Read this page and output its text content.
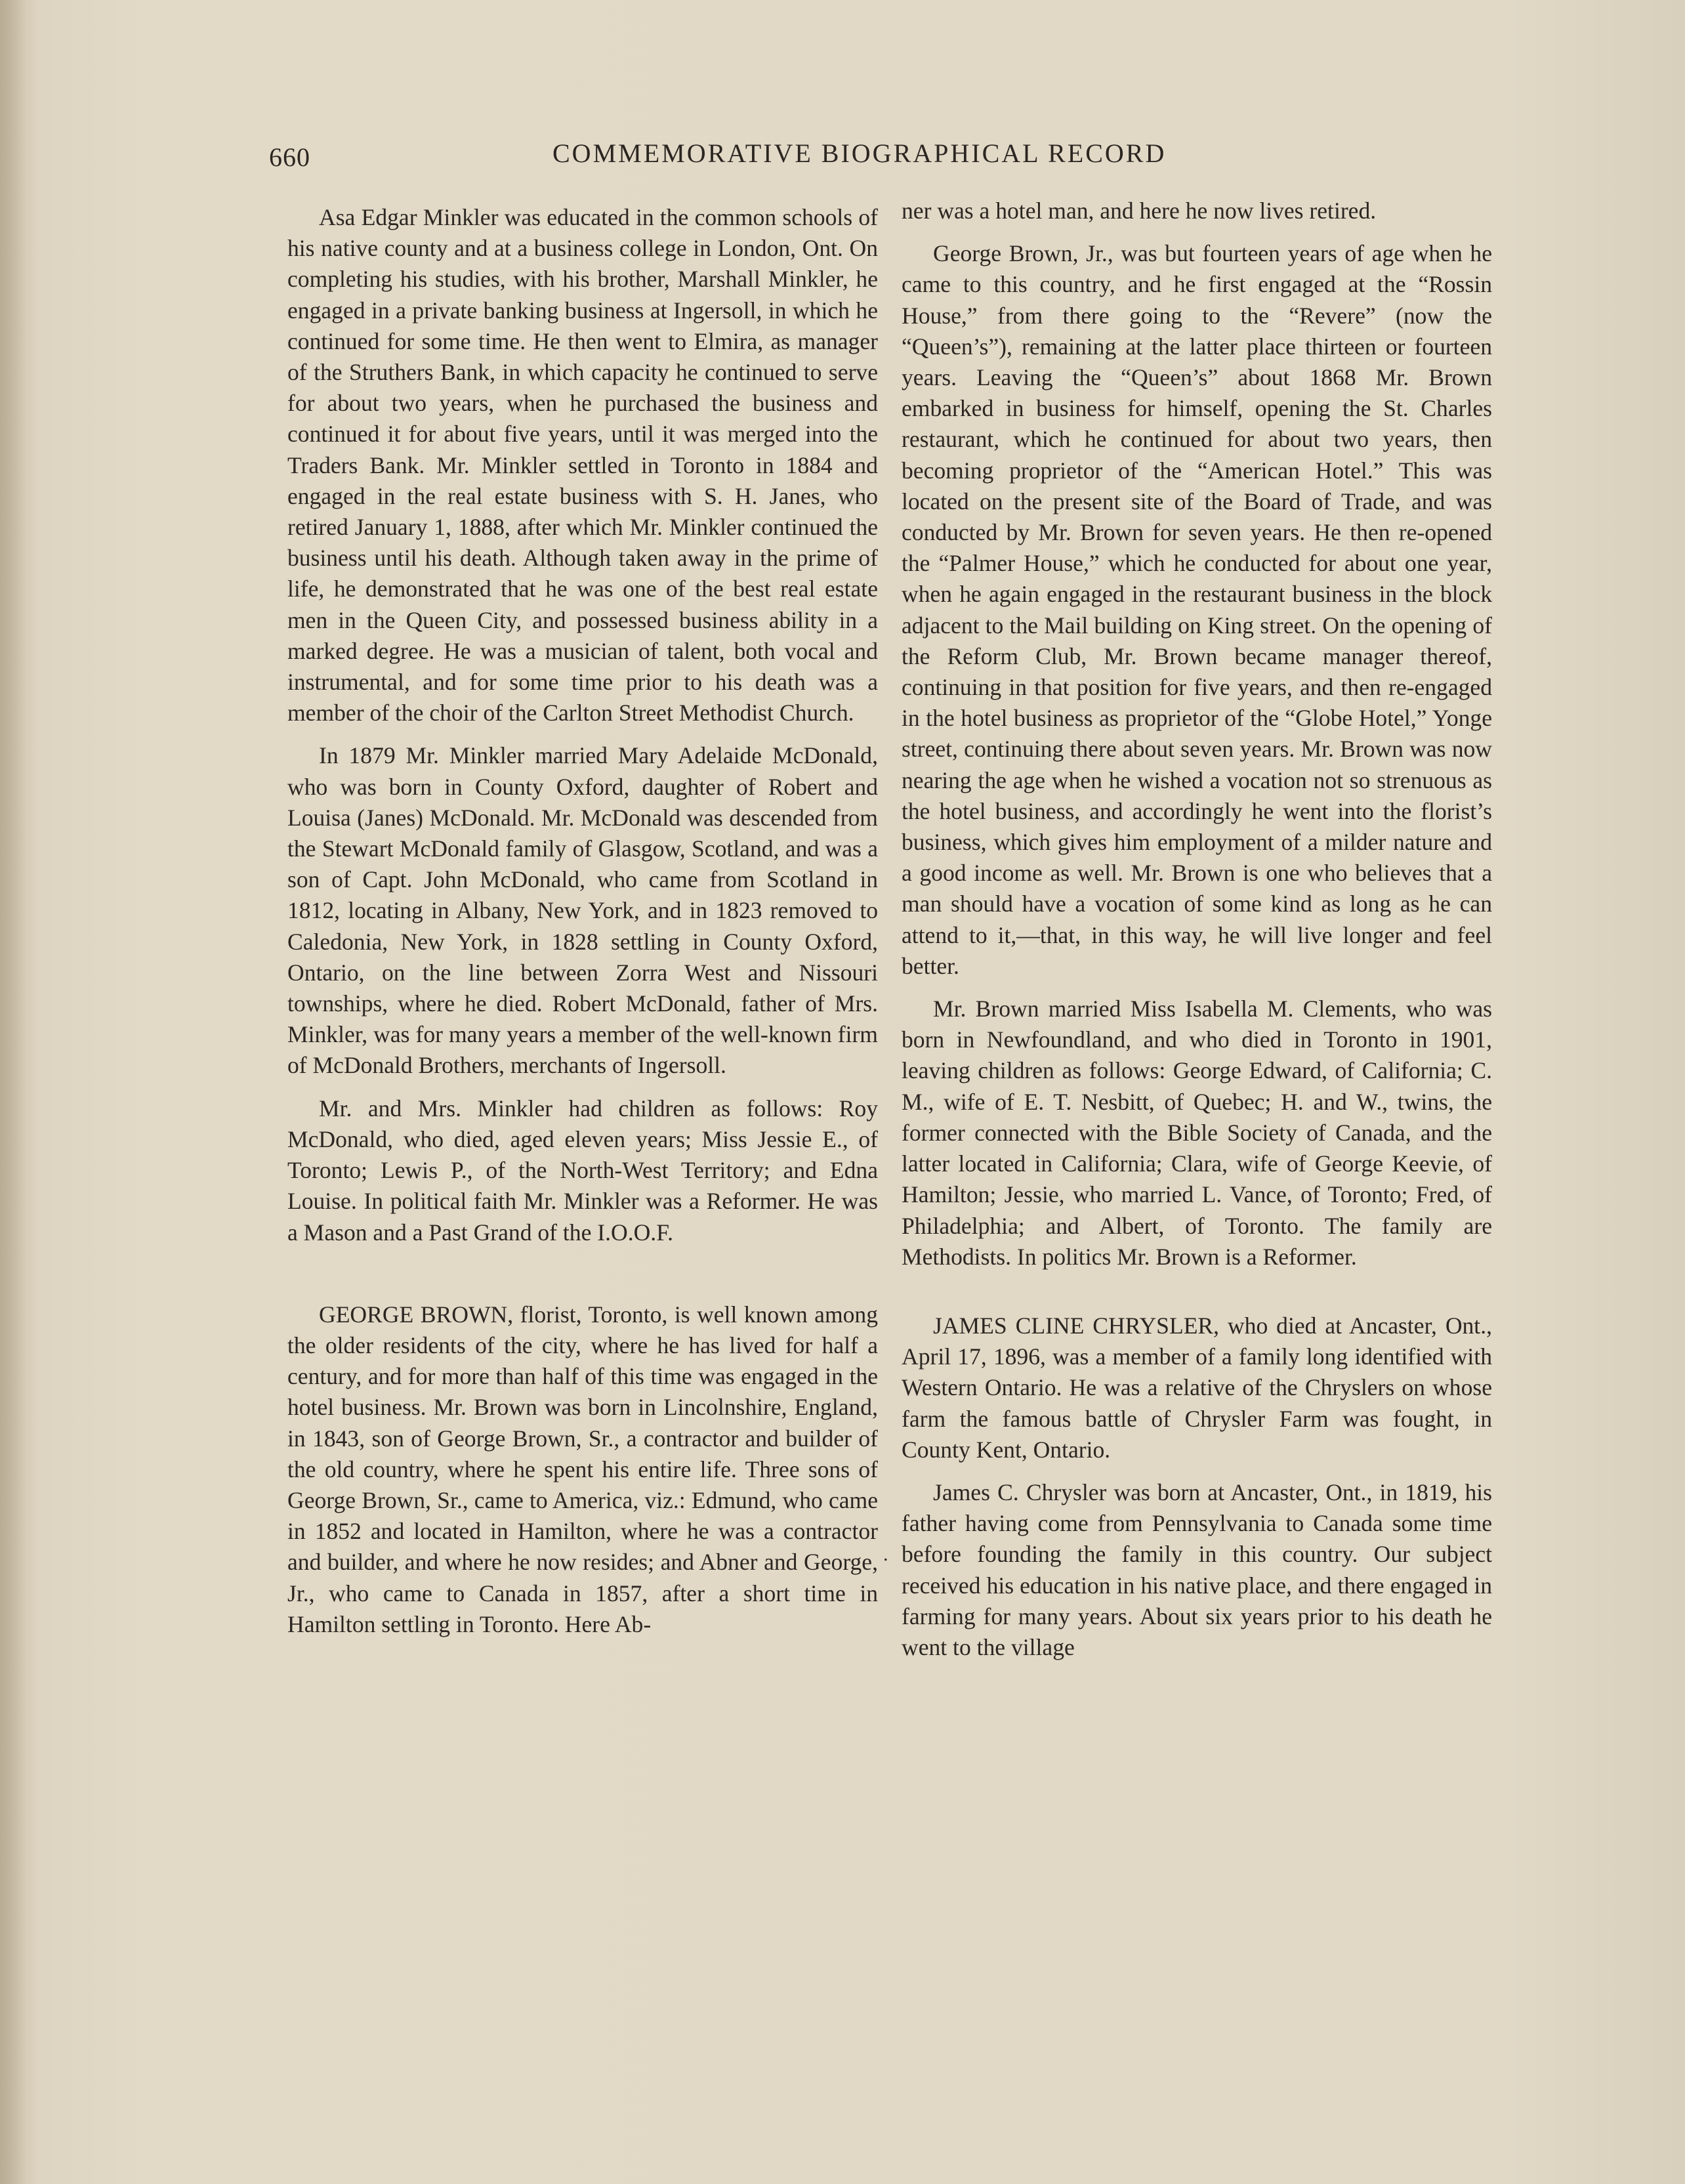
660	COMMEMORATIVE BIOGRAPHICAL RECORD

Asa Edgar Minkler was educated in the common schools of his native county and at a business college in London, Ont. On completing his studies, with his brother, Marshall Minkler, he engaged in a private banking business at Ingersoll, in which he continued for some time. He then went to Elmira, as manager of the Struthers Bank, in which capacity he continued to serve for about two years, when he purchased the business and continued it for about five years, until it was merged into the Traders Bank. Mr. Minkler settled in Toronto in 1884 and engaged in the real estate business with S. H. Janes, who retired January 1, 1888, after which Mr. Minkler continued the business until his death. Although taken away in the prime of life, he demonstrated that he was one of the best real estate men in the Queen City, and possessed business ability in a marked degree. He was a musician of talent, both vocal and instrumental, and for some time prior to his death was a member of the choir of the Carlton Street Methodist Church.

In 1879 Mr. Minkler married Mary Adelaide McDonald, who was born in County Oxford, daughter of Robert and Louisa (Janes) McDonald. Mr. McDonald was descended from the Stewart McDonald family of Glasgow, Scotland, and was a son of Capt. John McDonald, who came from Scotland in 1812, locating in Albany, New York, and in 1823 removed to Caledonia, New York, in 1828 settling in County Oxford, Ontario, on the line between Zorra West and Nissouri townships, where he died. Robert McDonald, father of Mrs. Minkler, was for many years a member of the well-known firm of McDonald Brothers, merchants of Ingersoll.

Mr. and Mrs. Minkler had children as follows: Roy McDonald, who died, aged eleven years; Miss Jessie E., of Toronto; Lewis P., of the North-West Territory; and Edna Louise. In political faith Mr. Minkler was a Reformer. He was a Mason and a Past Grand of the I.O.O.F.

GEORGE BROWN, florist, Toronto, is well known among the older residents of the city, where he has lived for half a century, and for more than half of this time was engaged in the hotel business. Mr. Brown was born in Lincolnshire, England, in 1843, son of George Brown, Sr., a contractor and builder of the old country, where he spent his entire life. Three sons of George Brown, Sr., came to America, viz.: Edmund, who came in 1852 and located in Hamilton, where he was a contractor and builder, and where he now resides; and Abner and George, Jr., who came to Canada in 1857, after a short time in Hamilton settling in Toronto. Here Ab-

.

ner was a hotel man, and here he now lives retired.

George Brown, Jr., was but fourteen years of age when he came to this country, and he first engaged at the “Rossin House,” from there going to the “Revere” (now the “Queen’s”), remaining at the latter place thirteen or fourteen years. Leaving the “Queen’s” about 1868 Mr. Brown embarked in business for himself, opening the St. Charles restaurant, which he continued for about two years, then becoming proprietor of the “American Hotel.” This was located on the present site of the Board of Trade, and was conducted by Mr. Brown for seven years. He then re-opened the “Palmer House,” which he conducted for about one year, when he again engaged in the restaurant business in the block adjacent to the Mail building on King street. On the opening of the Reform Club, Mr. Brown became manager thereof, continuing in that position for five years, and then re-engaged in the hotel business as proprietor of the “Globe Hotel,” Yonge street, continuing there about seven years. Mr. Brown was now nearing the age when he wished a vocation not so strenuous as the hotel business, and accordingly he went into the florist’s business, which gives him employment of a milder nature and a good income as well. Mr. Brown is one who believes that a man should have a vocation of some kind as long as he can attend to it,—that, in this way, he will live longer and feel better.

Mr. Brown married Miss Isabella M. Clements, who was born in Newfoundland, and who died in Toronto in 1901, leaving children as follows: George Edward, of California; C. M., wife of E. T. Nesbitt, of Quebec; H. and W., twins, the former connected with the Bible Society of Canada, and the latter located in California; Clara, wife of George Keevie, of Hamilton; Jessie, who married L. Vance, of Toronto; Fred, of Philadelphia; and Albert, of Toronto. The family are Methodists. In politics Mr. Brown is a Reformer.

JAMES CLINE CHRYSLER, who died at Ancaster, Ont., April 17, 1896, was a member of a family long identified with Western Ontario. He was a relative of the Chryslers on whose farm the famous battle of Chrysler Farm was fought, in County Kent, Ontario.

James C. Chrysler was born at Ancaster, Ont., in 1819, his father having come from Pennsylvania to Canada some time before founding the family in this country. Our subject received his education in his native place, and there engaged in farming for many years. About six years prior to his death he went to the village
